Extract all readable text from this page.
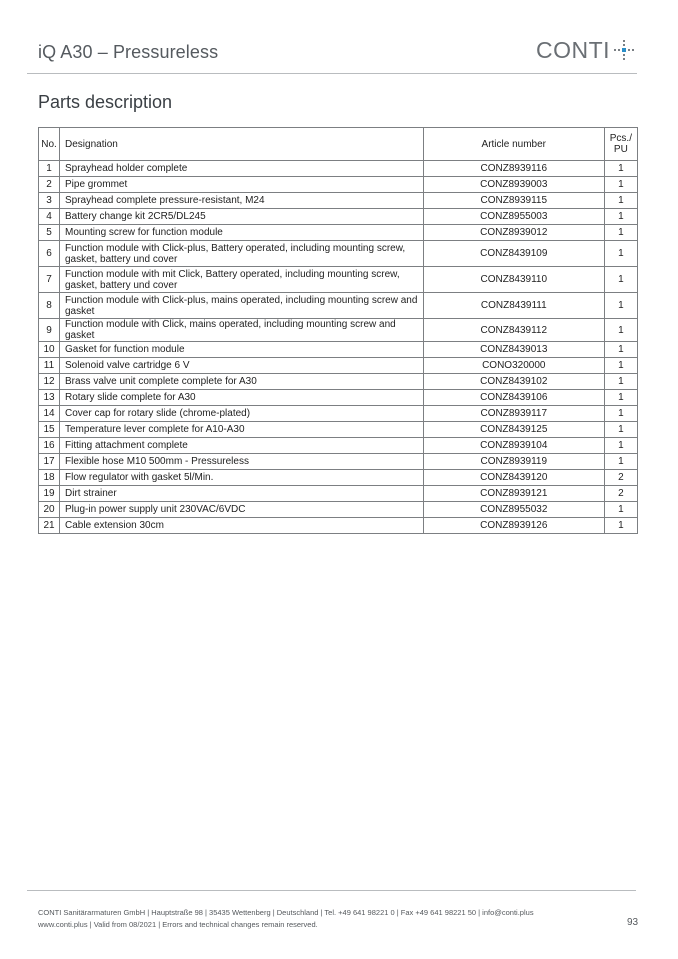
iQ A30 – Pressureless	CONTI
Parts description
No.	Designation	Article number	Pcs./
PU
1	Sprayhead holder complete	CONZ8939116	1
2	Pipe grommet	CONZ8939003	1
3	Sprayhead complete pressure-resistant, M24	CONZ8939115	1
4	Battery change kit 2CR5/DL245	CONZ8955003	1
5	Mounting screw for function module	CONZ8939012	1
6	Function module with Click-plus, Battery operated, including mounting screw, gasket, battery und cover	CONZ8439109	1
7	Function module with mit Click, Battery operated, including mounting screw, gasket, battery und cover	CONZ8439110	1
8	Function module with Click-plus, mains operated, including mounting screw and gasket	CONZ8439111	1
9	Function module with Click, mains operated, including mounting screw and gasket	CONZ8439112	1
10	Gasket for function module	CONZ8439013	1
11	Solenoid valve cartridge 6 V	CONO320000	1
12	Brass valve unit complete complete for A30	CONZ8439102	1
13	Rotary slide complete for A30	CONZ8439106	1
14	Cover cap for rotary slide (chrome-plated)	CONZ8939117	1
15	Temperature lever complete for A10-A30	CONZ8439125	1
16	Fitting attachment complete	CONZ8939104	1
17	Flexible hose M10 500mm - Pressureless	CONZ8939119	1
18	Flow regulator with gasket 5l/Min.	CONZ8439120	2
19	Dirt strainer	CONZ8939121	2
20	Plug-in power supply unit 230VAC/6VDC	CONZ8955032	1
21	Cable extension 30cm	CONZ8939126	1
CONTI Sanitärarmaturen GmbH | Hauptstraße 98 | 35435 Wettenberg | Deutschland | Tel. +49 641 98221 0 | Fax +49 641 98221 50 | info@conti.plus
www.conti.plus | Valid from 08/2021 | Errors and technical changes remain reserved.	93
